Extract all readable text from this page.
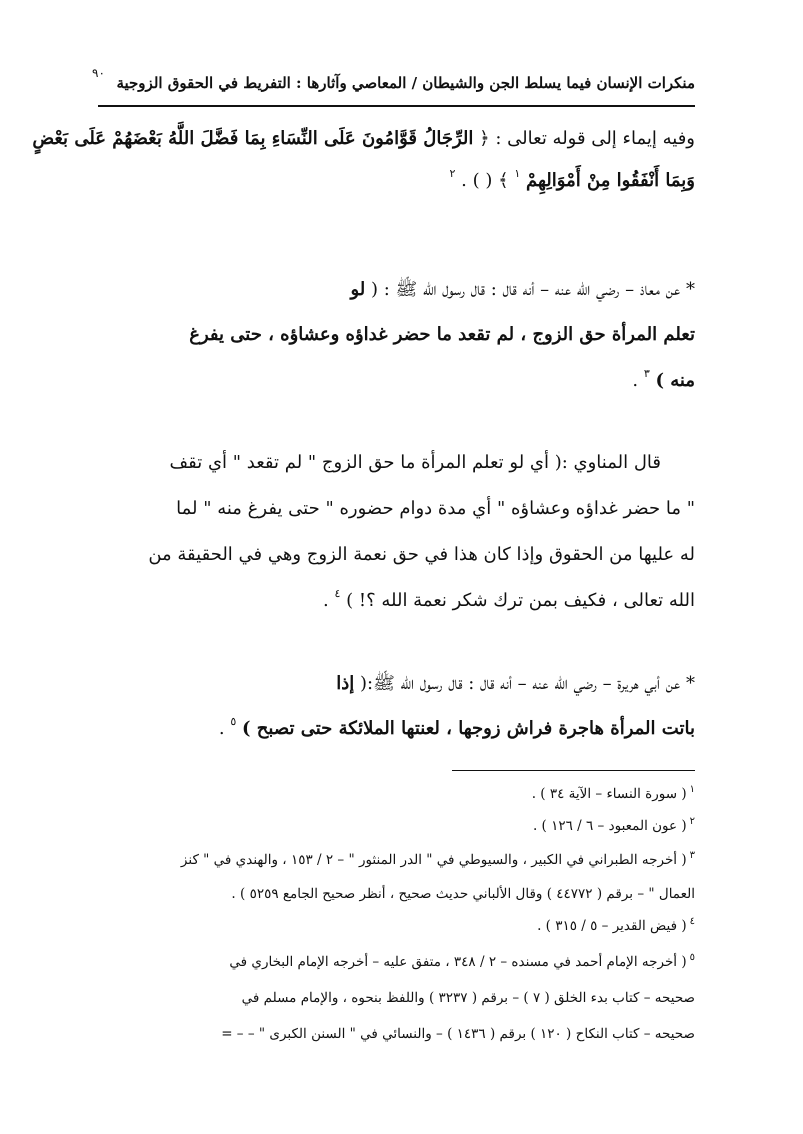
منكرات الإنسان فيما يسلط الجن والشيطان / المعاصي وآثارها : التفريط في الحقوق الزوجية
٩٠
وفيه إيماء إلى قوله تعالى : ﴿ الرِّجَالُ قَوَّامُونَ عَلَى النِّسَاءِ بِمَا فَضَّلَ اللَّهُ بَعْضَهُمْ عَلَى بَعْضٍ
وَبِمَا أَنْفَقُوا مِنْ أَمْوَالِهِمْ $^١$ ﴾ ( ) . $^٢$
* عن معاذ – رضي الله عنه – أنه قال : قال رسول الله ﷺ : ( لو
تعلم المرأة حق الزوج ، لم تقعد ما حضر غداؤه وعشاؤه ، حتى يفرغ
منه ) $^٣$ .
قال المناوي :( أي لو تعلم المرأة ما حق الزوج " لم تقعد " أي تقف
" ما حضر غداؤه وعشاؤه " أي مدة دوام حضوره " حتى يفرغ منه " لما
له عليها من الحقوق وإذا كان هذا في حق نعمة الزوج وهي في الحقيقة من
الله تعالى ، فكيف بمن ترك شكر نعمة الله ؟! ) $^٤$ .
* عن أبي هريرة – رضي الله عنه – أنه قال : قال رسول الله ﷺ:( إذا
باتت المرأة هاجرة فراش زوجها ، لعنتها الملائكة حتى تصبح ) $^٥$ .
$^١$( سورة النساء – الآية ٣٤ ) .
$^٢$( عون المعبود – ٦ / ١٢٦ ) .
$^٣$( أخرجه الطبراني في الكبير ، والسيوطي في " الدر المنثور " – ٢ / ١٥٣ ، والهندي في " كنز
العمال " – برقم ( ٤٤٧٧٢ ) وقال الألباني حديث صحيح ، أنظر صحيح الجامع ٥٢٥٩ ) .
$^٤$( فيض القدير – ٥ / ٣١٥ ) .
$^٥$( أخرجه الإمام أحمد في مسنده – ٢ / ٣٤٨ ، متفق عليه – أخرجه الإمام البخاري في
صحيحه – كتاب بدء الخلق ( ٧ ) – برقم ( ٣٢٣٧ ) واللفظ بنحوه ، والإمام مسلم في
صحيحه – كتاب النكاح ( ١٢٠ ) برقم ( ١٤٣٦ ) – والنسائي في " السنن الكبرى " – – =
